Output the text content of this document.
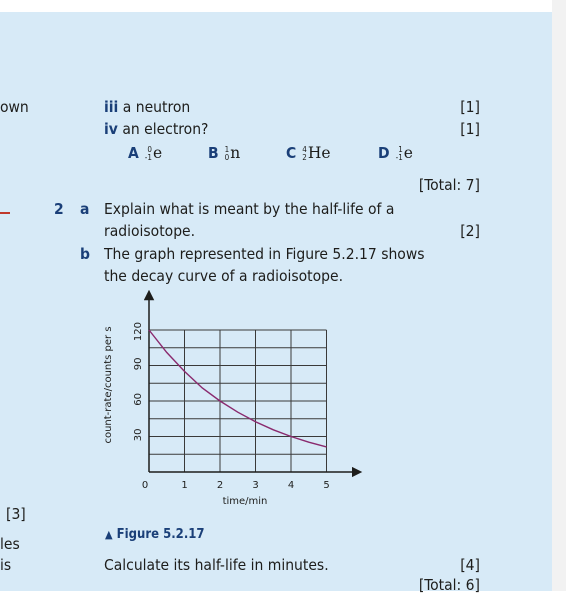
own
[3]
les
is
iii a neutron	[1]
iv an electron?	[1]
A	0
-1 e	B 1
0 n	C 4
2 He	D	1
-1 e
[Total: 7]
2 a Explain what is meant by the half-life of a
radioisotope.	[2]
b The graph represented in Figure 5.2.17 shows
the decay curve of a radioisotope.
0	1	2	3	4	5
30
60
90
120
time/min
count-rate/counts per s
▲ Figure 5.2.17
Calculate its half-life in minutes.	[4]
[Total: 6]
